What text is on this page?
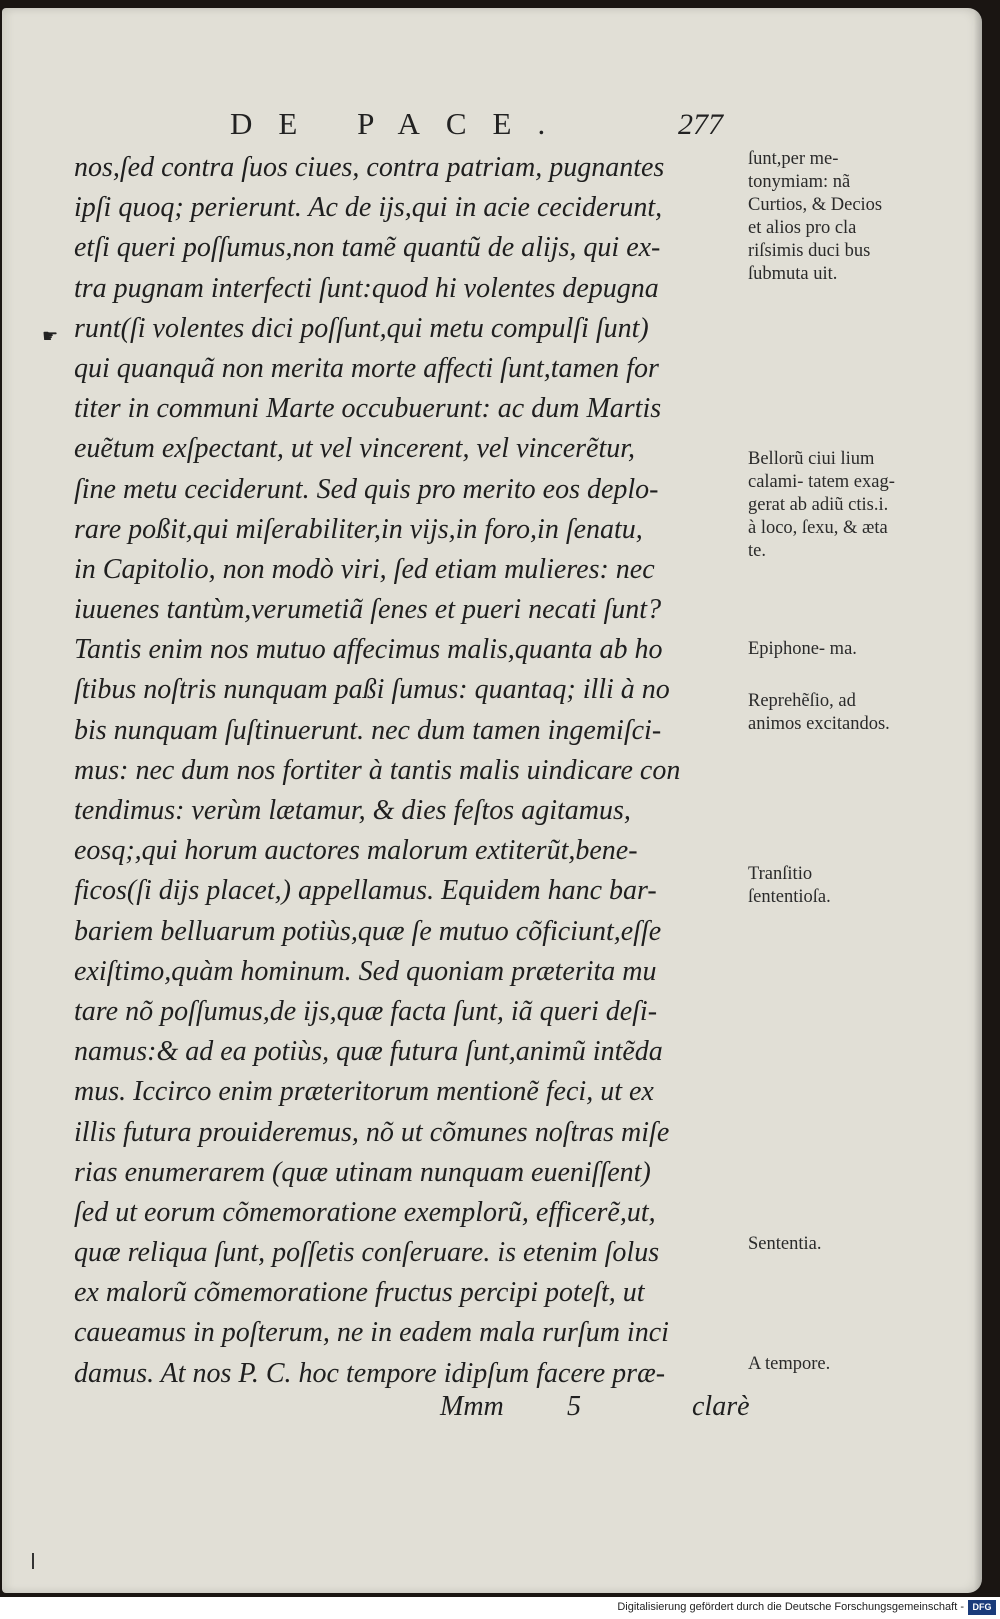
DE PACE.	277
☛
nos,ſed contra ſuos ciues, contra patriam, pugnantes
ipſi quoq; perierunt. Ac de ijs,qui in acie ceciderunt,
etſi queri poſſumus,non tamẽ quantũ de alijs, qui ex-
tra pugnam interfecti ſunt:quod hi volentes depugna
runt(ſi volentes dici poſſunt,qui metu compulſi ſunt)
qui quanquã non merita morte affecti ſunt,tamen for
titer in communi Marte occubuerunt: ac dum Martis
euẽtum exſpectant, ut vel vincerent, vel vincerẽtur,
ſine metu ceciderunt. Sed quis pro merito eos deplo-
rare poßit,qui miſerabiliter,in vijs,in foro,in ſenatu,
in Capitolio, non modò viri, ſed etiam mulieres: nec
iuuenes tantùm,verumetiã ſenes et pueri necati ſunt?
Tantis enim nos mutuo affecimus malis,quanta ab ho
ſtibus noſtris nunquam paßi ſumus: quantaq; illi à no
bis nunquam ſuſtinuerunt. nec dum tamen ingemiſci-
mus: nec dum nos fortiter à tantis malis uindicare con
tendimus: verùm lætamur, & dies feſtos agitamus,
eosq;,qui horum auctores malorum extiterũt,bene-
ficos(ſi dijs placet,) appellamus. Equidem hanc bar-
bariem belluarum potiùs,quæ ſe mutuo cõficiunt,eſſe
exiſtimo,quàm hominum. Sed quoniam præterita mu
tare nõ poſſumus,de ijs,quæ facta ſunt, iã queri deſi-
namus:& ad ea potiùs, quæ futura ſunt,animũ intẽda
mus. Iccirco enim præteritorum mentionẽ feci, ut ex
illis futura prouideremus, nõ ut cõmunes noſtras miſe
rias enumerarem (quæ utinam nunquam eueniſſent)
ſed ut eorum cõmemoratione exemplorũ, efficerẽ,ut,
quæ reliqua ſunt, poſſetis conſeruare. is etenim ſolus
ex malorũ cõmemoratione fructus percipi poteſt, ut
caueamus in poſterum, ne in eadem mala rurſum inci
damus. At nos P. C. hoc tempore idipſum facere præ-
ſunt,per me- tonymiam: nã Curtios, & Decios et alios pro cla riſsimis duci bus ſubmuta uit.
Bellorũ ciui lium calami- tatem exag- gerat ab adiũ ctis.i. à loco, ſexu, & æta te.
Epiphone- ma.
Reprehẽſio, ad animos excitandos.
Tranſitio ſententioſa.
Sententia.
A tempore.
Mmm 5	clarè
Digitalisierung gefördert durch die Deutsche Forschungsgemeinschaft - DFG
